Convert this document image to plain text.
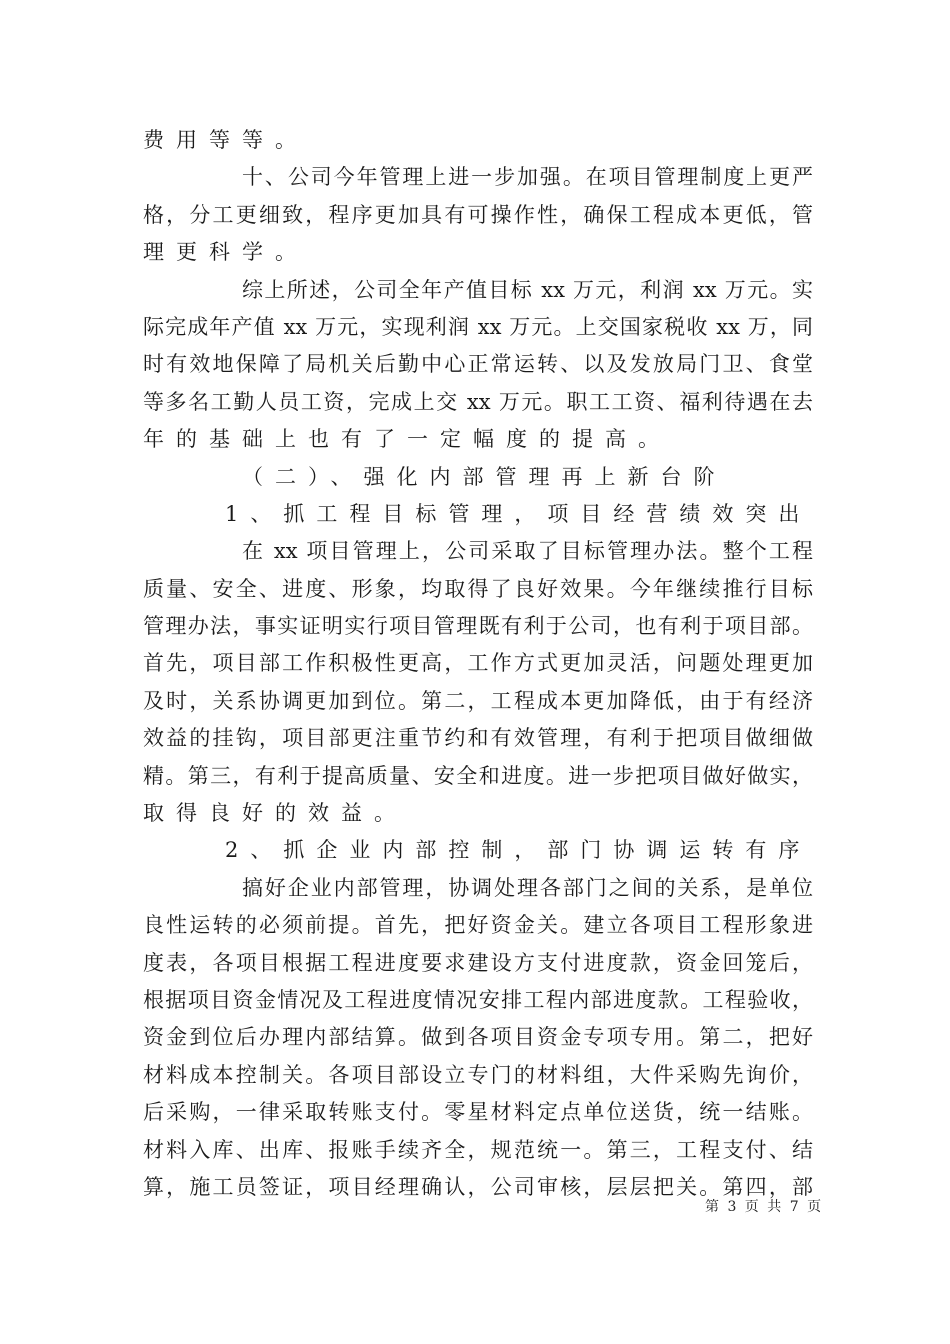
费用等等。
十、公司今年管理上进一步加强。在项目管理制度上更严
格，分工更细致，程序更加具有可操作性，确保工程成本更低，管
理更科学。
综上所述，公司全年产值目标 xx 万元，利润 xx 万元。实
际完成年产值 xx 万元，实现利润 xx 万元。上交国家税收 xx 万，同
时有效地保障了局机关后勤中心正常运转、以及发放局门卫、食堂
等多名工勤人员工资，完成上交 xx 万元。职工工资、福利待遇在去
年的基础上也有了一定幅度的提高。
（二）、强化内部管理再上新台阶
1、抓工程目标管理，项目经营绩效突出
在 xx 项目管理上，公司采取了目标管理办法。整个工程
质量、安全、进度、形象，均取得了良好效果。今年继续推行目标
管理办法，事实证明实行项目管理既有利于公司，也有利于项目部。
首先，项目部工作积极性更高，工作方式更加灵活，问题处理更加
及时，关系协调更加到位。第二，工程成本更加降低，由于有经济
效益的挂钩，项目部更注重节约和有效管理，有利于把项目做细做
精。第三，有利于提高质量、安全和进度。进一步把项目做好做实，
取得良好的效益。
2、抓企业内部控制，部门协调运转有序
搞好企业内部管理，协调处理各部门之间的关系，是单位
良性运转的必须前提。首先，把好资金关。建立各项目工程形象进
度表，各项目根据工程进度要求建设方支付进度款，资金回笼后，
根据项目资金情况及工程进度情况安排工程内部进度款。工程验收，
资金到位后办理内部结算。做到各项目资金专项专用。第二，把好
材料成本控制关。各项目部设立专门的材料组，大件采购先询价，
后采购，一律采取转账支付。零星材料定点单位送货，统一结账。
材料入库、出库、报账手续齐全，规范统一。第三，工程支付、结
算，施工员签证，项目经理确认，公司审核，层层把关。第四，部
第 3 页 共 7 页
